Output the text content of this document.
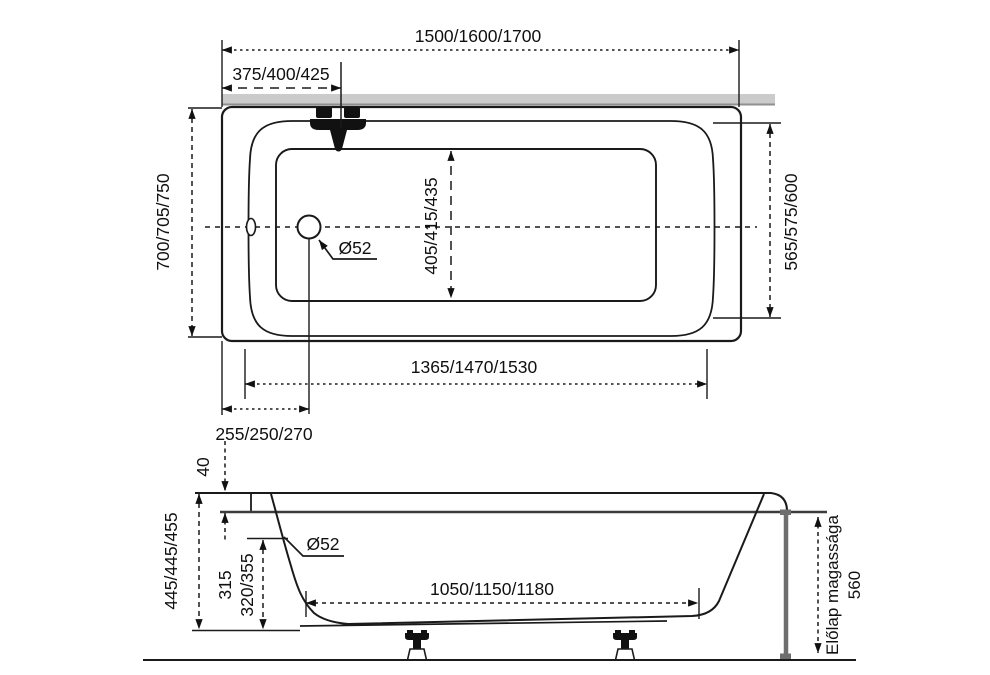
1500/1600/1700
375/400/425
700/705/750	565/575/600
405/415/435
Ø52
1365/1470/1530
255/250/270
40
445/445/455 315 320/355
Ø52
1050/1150/1180	Előlap magassága 560
